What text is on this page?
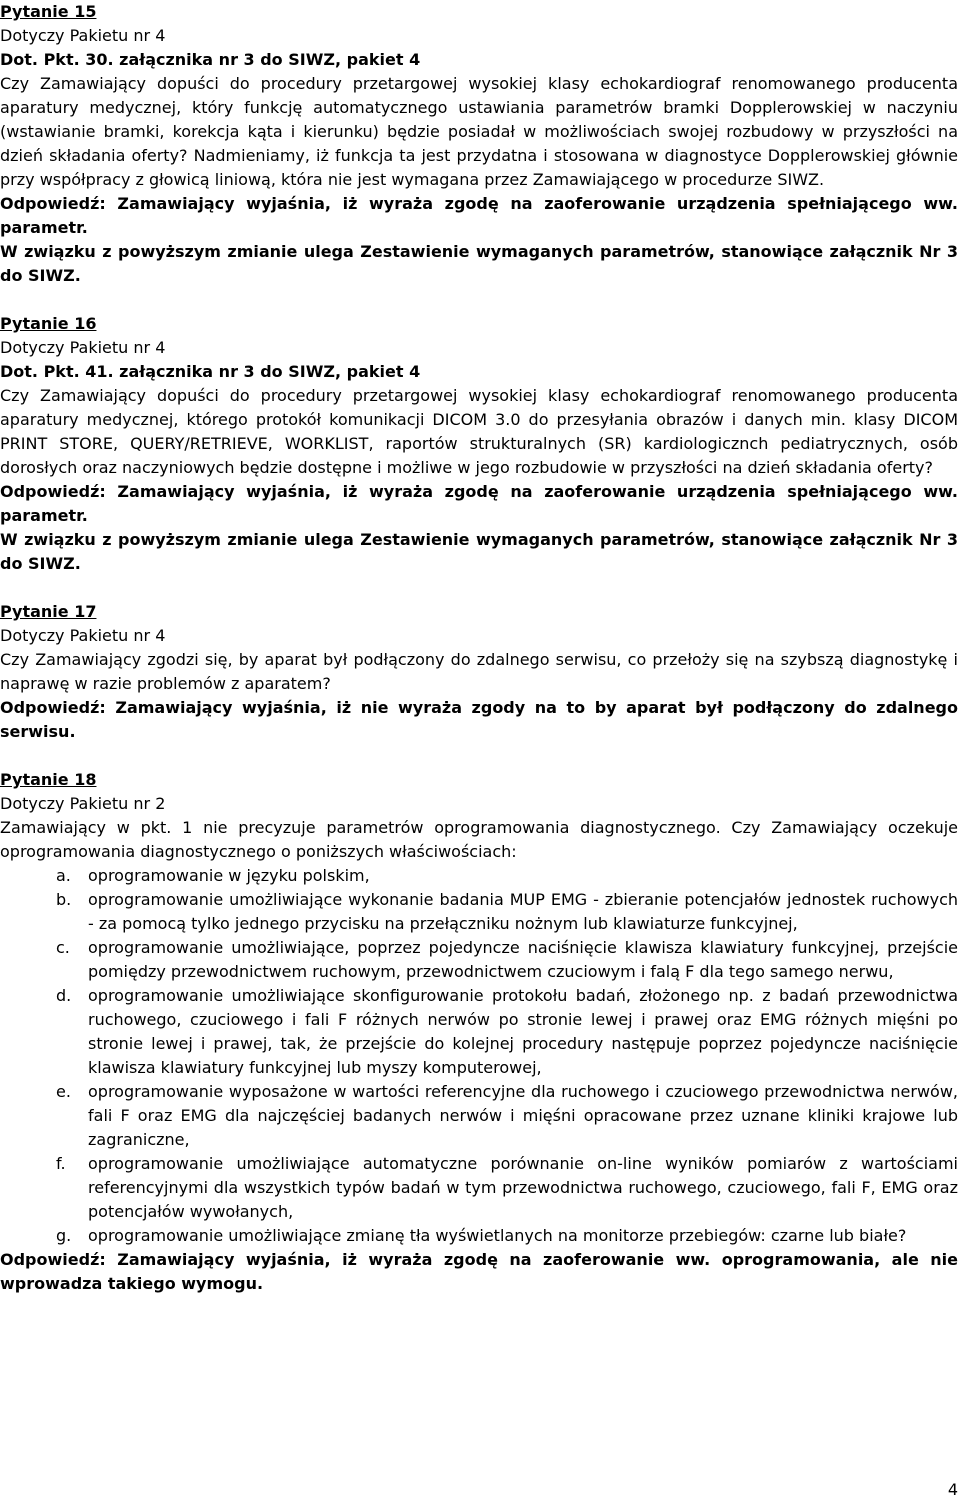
Pytanie 15
Dotyczy Pakietu nr 4
Dot. Pkt. 30. załącznika nr 3 do SIWZ, pakiet 4
Czy Zamawiający dopuści do procedury przetargowej wysokiej klasy echokardiograf renomowanego producenta aparatury medycznej, który funkcję automatycznego ustawiania parametrów bramki Dopplerowskiej w naczyniu (wstawianie bramki, korekcja kąta i kierunku) będzie posiadał w możliwościach swojej rozbudowy w przyszłości na dzień składania oferty? Nadmieniamy, iż funkcja ta jest przydatna i stosowana w diagnostyce Dopplerowskiej głównie przy współpracy z głowicą liniową, która nie jest wymagana przez Zamawiającego w procedurze SIWZ.
Odpowiedź: Zamawiający wyjaśnia, iż wyraża zgodę na zaoferowanie urządzenia spełniającego ww. parametr.
W związku z powyższym zmianie ulega Zestawienie wymaganych parametrów, stanowiące załącznik Nr 3 do SIWZ.
Pytanie 16
Dotyczy Pakietu nr 4
Dot. Pkt. 41. załącznika nr 3 do SIWZ, pakiet 4
Czy Zamawiający dopuści do procedury przetargowej wysokiej klasy echokardiograf renomowanego producenta aparatury medycznej, którego protokół komunikacji DICOM 3.0 do przesyłania obrazów i danych min. klasy DICOM PRINT STORE, QUERY/RETRIEVE, WORKLIST, raportów strukturalnych (SR) kardiologicznch pediatrycznych, osób dorosłych oraz naczyniowych będzie dostępne i możliwe w jego rozbudowie w przyszłości na dzień składania oferty?
Odpowiedź: Zamawiający wyjaśnia, iż wyraża zgodę na zaoferowanie urządzenia spełniającego ww. parametr.
W związku z powyższym zmianie ulega Zestawienie wymaganych parametrów, stanowiące załącznik Nr 3 do SIWZ.
Pytanie 17
Dotyczy Pakietu nr 4
Czy Zamawiający zgodzi się, by aparat był podłączony do zdalnego serwisu, co przełoży się na szybszą diagnostykę i naprawę w razie problemów z aparatem?
Odpowiedź: Zamawiający wyjaśnia, iż nie wyraża zgody na to by aparat był podłączony do zdalnego serwisu.
Pytanie 18
Dotyczy Pakietu nr 2
Zamawiający w pkt. 1 nie precyzuje parametrów oprogramowania diagnostycznego. Czy Zamawiający oczekuje oprogramowania diagnostycznego o poniższych właściwościach:
a.	oprogramowanie w języku polskim,
b.	oprogramowanie umożliwiające wykonanie badania MUP EMG - zbieranie potencjałów jednostek ruchowych - za pomocą tylko jednego przycisku na przełączniku nożnym lub klawiaturze funkcyjnej,
c.	oprogramowanie umożliwiające, poprzez pojedyncze naciśnięcie klawisza klawiatury funkcyjnej, przejście pomiędzy przewodnictwem ruchowym, przewodnictwem czuciowym i falą F dla tego samego nerwu,
d.	oprogramowanie umożliwiające skonfigurowanie protokołu badań, złożonego np. z badań przewodnictwa ruchowego, czuciowego i fali F różnych nerwów po stronie lewej i prawej oraz EMG różnych mięśni po stronie lewej i prawej, tak, że przejście do kolejnej procedury następuje poprzez pojedyncze naciśnięcie klawisza klawiatury funkcyjnej lub myszy komputerowej,
e.	oprogramowanie wyposażone w wartości referencyjne dla ruchowego i czuciowego przewodnictwa nerwów, fali F oraz EMG dla najczęściej badanych nerwów i mięśni opracowane przez uznane kliniki krajowe lub zagraniczne,
f.	oprogramowanie umożliwiające automatyczne porównanie on-line wyników pomiarów z wartościami referencyjnymi dla wszystkich typów badań w tym przewodnictwa ruchowego, czuciowego, fali F, EMG oraz potencjałów wywołanych,
g.	oprogramowanie umożliwiające zmianę tła wyświetlanych na monitorze przebiegów: czarne lub białe?
Odpowiedź: Zamawiający wyjaśnia, iż wyraża zgodę na zaoferowanie ww. oprogramowania, ale nie wprowadza takiego wymogu.
4
